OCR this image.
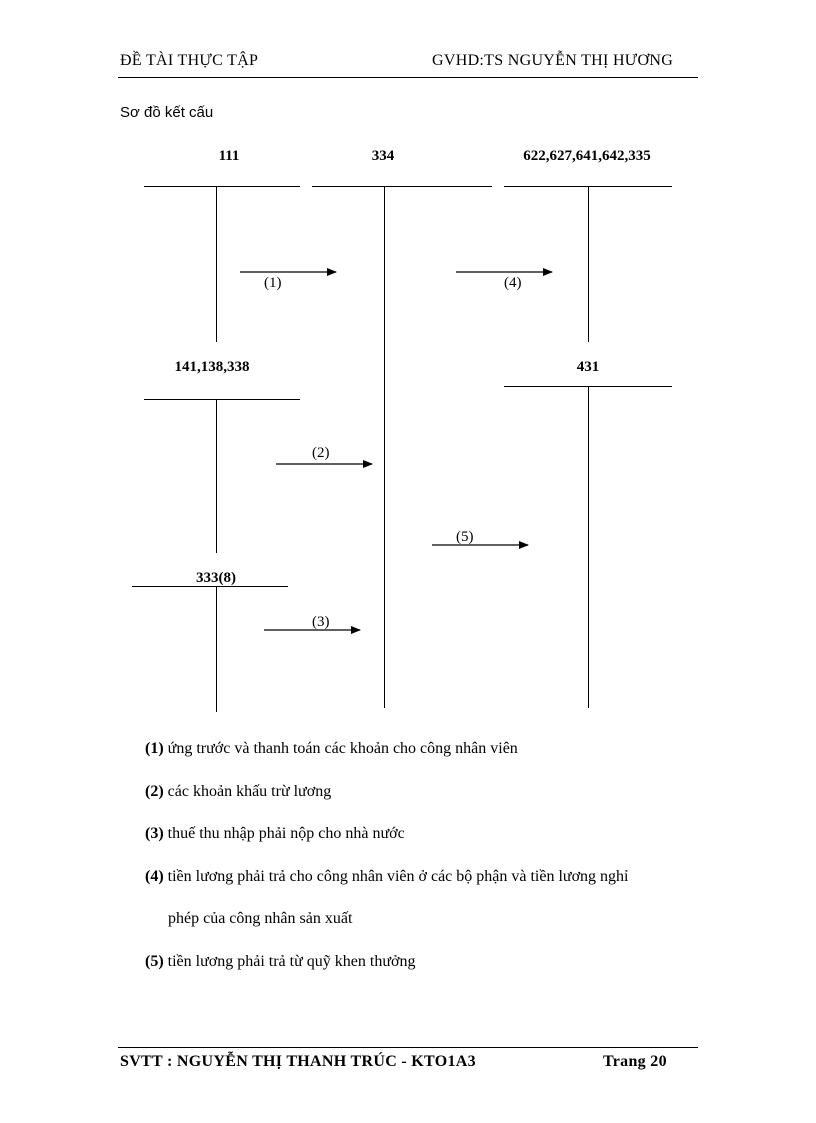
ĐỀ TÀI THỰC TẬP	GVHD:TS NGUYỄN THỊ HƯƠNG
Sơ đồ kết cấu
111	334	622,627,641,642,335
141,138,338	431
333(8)
(1)	(4)
(2)
(5)
(3)
(1) ứng trước và thanh toán các khoản cho công nhân viên
(2) các khoản khấu trừ lương
(3) thuế thu nhập phải nộp cho nhà nước
(4) tiền lương phải trả cho công nhân viên ở các bộ phận và tiền lương nghỉ
phép của công nhân sản xuất
(5) tiền lương phải trả từ quỹ khen thưởng
SVTT : NGUYỄN THỊ THANH TRÚC - KTO1A3	Trang 20
